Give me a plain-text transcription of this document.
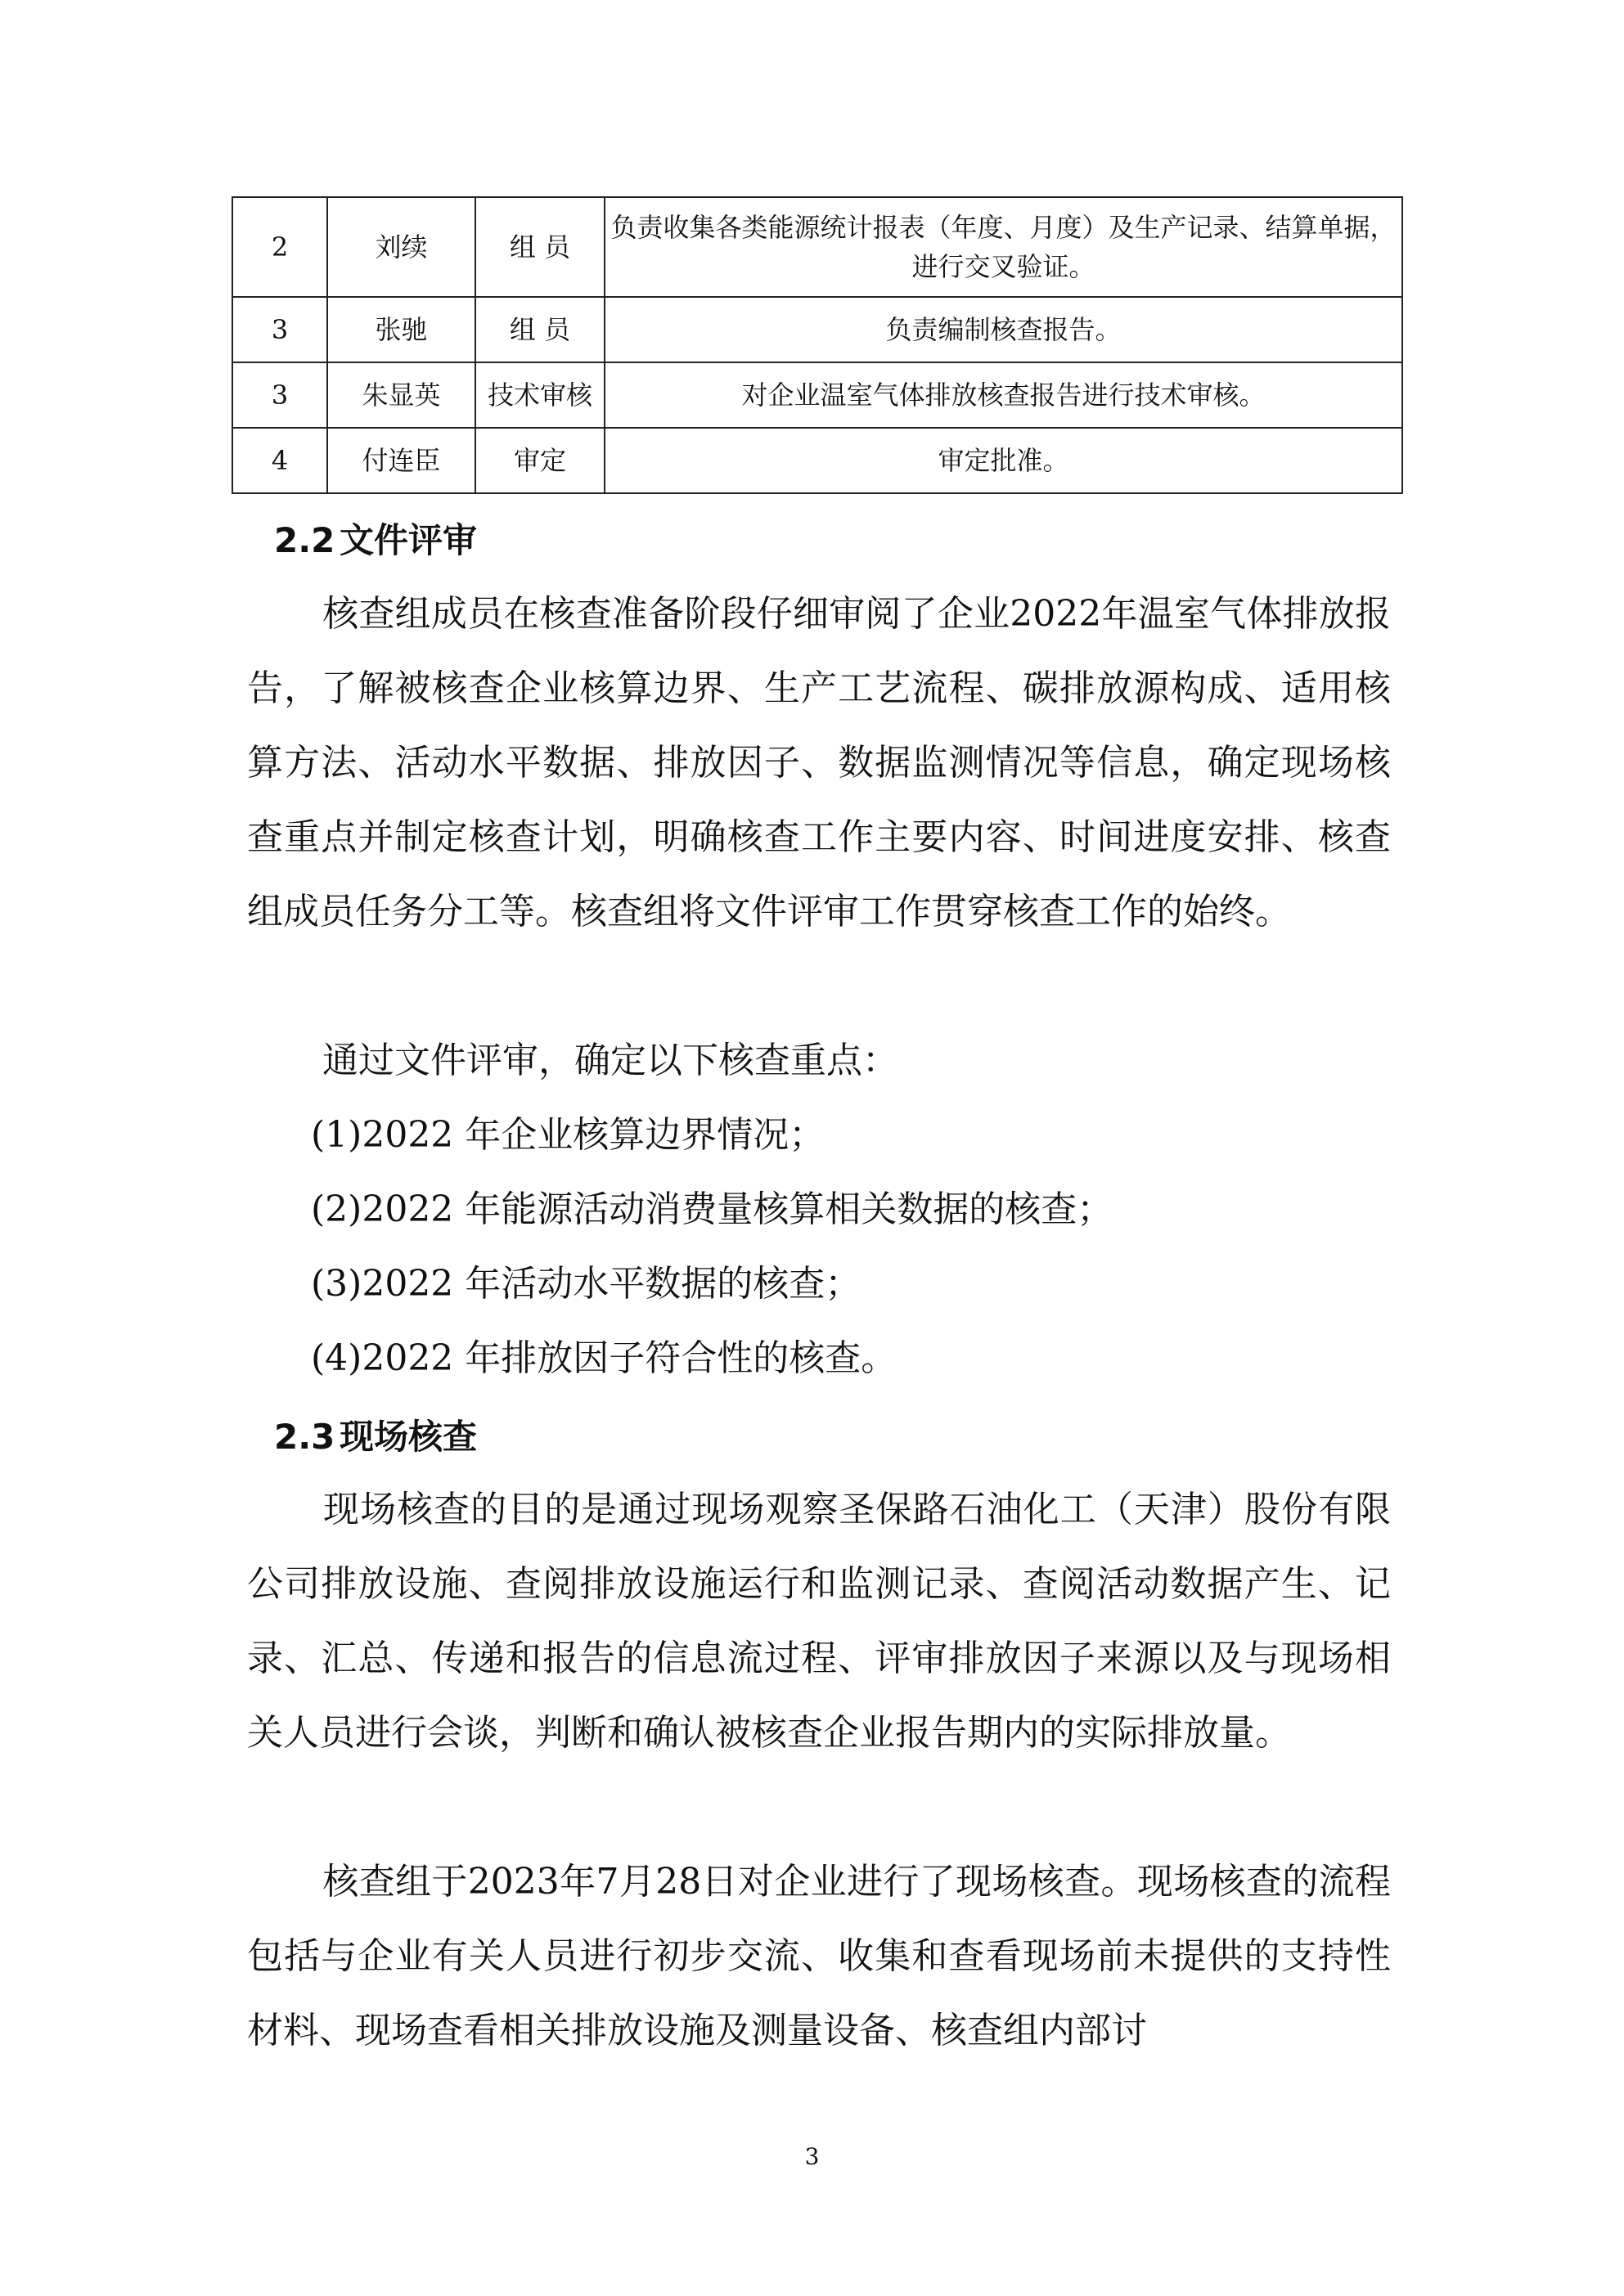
2	刘续	组 员	负责收集各类能源统计报表（年度、月度）及生产记录、结算单据，进行交叉验证。
3	张驰	组 员	负责编制核查报告。
3	朱显英	技术审核	对企业温室气体排放核查报告进行技术审核。
4	付连臣	审定	审定批准。
2.2 文件评审

核查组成员在核查准备阶段仔细审阅了企业2022年温室气体排放报告，了解被核查企业核算边界、生产工艺流程、碳排放源构成、适用核算方法、活动水平数据、排放因子、数据监测情况等信息，确定现场核查重点并制定核查计划，明确核查工作主要内容、时间进度安排、核查组成员任务分工等。核查组将文件评审工作贯穿核查工作的始终。

通过文件评审，确定以下核查重点：

(1)2022 年企业核算边界情况；
(2)2022 年能源活动消费量核算相关数据的核查；
(3)2022 年活动水平数据的核查；
(4)2022 年排放因子符合性的核查。
2.3 现场核查

现场核查的目的是通过现场观察圣保路石油化工（天津）股份有限公司排放设施、查阅排放设施运行和监测记录、查阅活动数据产生、记录、汇总、传递和报告的信息流过程、评审排放因子来源以及与现场相关人员进行会谈，判断和确认被核查企业报告期内的实际排放量。

核查组于2023年7月28日对企业进行了现场核查。现场核查的流程包括与企业有关人员进行初步交流、收集和查看现场前未提供的支持性材料、现场查看相关排放设施及测量设备、核查组内部讨

3
